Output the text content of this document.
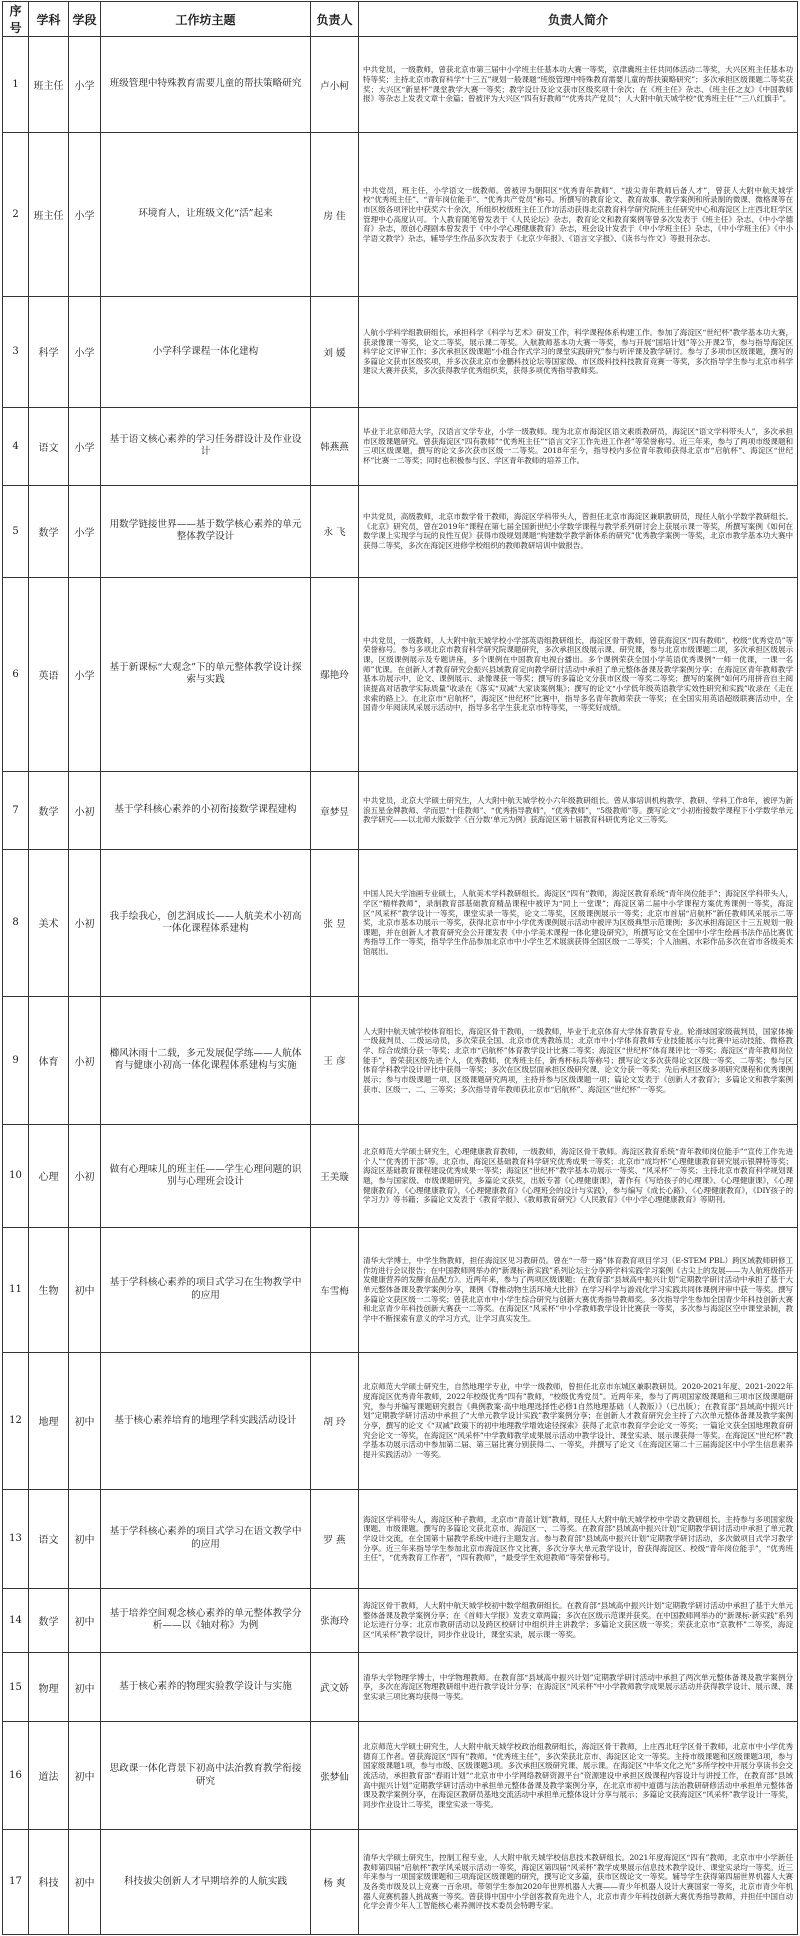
序号	学科	学段	工作坊主题	负责人	负责人简介
1	班主任	小学	班级管理中特殊教育需要儿童的帮扶策略研究	卢小柯	中共党员，一级教师，曾获北京市第三届中小学班主任基本功大赛一等奖，京津冀班主任共同体活动二等奖，大兴区班主任基本功特等奖；主持北京市教育科学“十三五”规划一般课题“班级管理中特殊教育需要儿童的帮扶策略研究”；多次承担区级课题二等奖获奖；大兴区“新星杯”课堂教学大赛一等奖；教学设计及论文获市区级奖项十余次；在《班主任》杂志、《班主任之友》《中国教师报》等杂志上发表文章十余篇；曾被评为大兴区“四有好教师”“优秀共产党员”；人大附中航天城学校“优秀班主任”“三八红旗手”。
2	班主任	小学	环境育人，让班级文化“活”起来	房 佳	中共党员，班主任，小学语文一级教师。曾被评为朝阳区“优秀青年教师”、“拔尖青年教师后备人才”，曾获人大附中航天城学校“优秀班主任”、“青年岗位能手”、“优秀共产党员”称号。所撰写的教育论文、教育故事、教学案例和所录制的微课、微格课等在市区级各项评比中获奖六十余次，所组织校级班主任工作坊活动获得北京教育科学研究院班主任研究中心和海淀区上庄西北旺学区管理中心高度认可。个人教育随笔曾发表于《人民论坛》杂志，教育论文和教育案例等曾多次发表于《班主任》杂志、《中小学德育》杂志，原创心理剧本曾发表于《中小学心理健康教育》杂志，班会设计发表于《中小学班主任》杂志，《中小学班主任》《中小学语文教学》杂志，辅导学生作品多次发表于《北京少年报》、《语言文字报》、《读书与作文》等报刊杂志。
3	科学	小学	小学科学课程一体化建构	刘 媛	人航小学科学组教研组长，承担科学《科学与艺术》研发工作，科学课程体系构建工作。参加了海淀区“世纪杯”教学基本功大赛，获录像课一等奖，论文二等奖，展示课二等奖。入航教师基本功大赛一等奖，参与开展“国培计划”等公开课2节，参与指导海淀区科学论文评审工作；多次承担区级课题“小组合作式学习的课堂实践研究”参与听评课及教学研讨。参与了多项市区级课题，撰写的多篇论文获市区级奖项，并多次获北京市金鹏科技论坛等国家级、市区级科技科技教育竞赛一等奖，多次指导学生参与北京市科学建议大赛并获奖，多次获得教学优秀组织奖，获得多项优秀指导教师奖。
4	语文	小学	基于语文核心素养的学习任务群设计及作业设计	韩燕燕	毕业于北京师范大学，汉语言文学专业，小学一级教师。现为北京市海淀区语文素质教研员，海淀区“语文学科带头人”，多次承担市区级课题研究。曾获海淀区“四有教师”“优秀班主任”“语言文字工作先进工作者”等荣誉称号。近三年来，参与了两项市级课题和三项区级课题，撰写的论文多次获市区级一二等奖。2018年至今，指导校内多位青年教师获得北京市“启航杯”、海淀区“世纪杯”比赛一二等奖；同时也积极参与区、学区青年教师的培养工作。
5	数学	小学	用数学链接世界——基于数学核心素养的单元整体教学设计	永 飞	中共党员，高级教师，北京市数学骨干教师，海淀区学科带头人，曾担任北京市海淀区兼职教研员，现任人航小学数学教研组长。《北京》研究员，曾在2019年“课程在第七届全国新世纪小学数学课程与教学系列研讨会上获展示课一等奖，所撰写案例《如何在数学课上实现学与玩的良性互促》获得市级规划课题“构建数学教学新体系的研究”优秀教学案例一等奖，北京市教学基本功大赛中获得二等奖，多次在海淀区进修学校组织的教师教研培训中做报告。
6	英语	小学	基于新课标“大观念”下的单元整体教学设计探索与实践	鄢艳玲	中共党员，一级教师，人大附中航天城学校小学部英语组教研组长，海淀区骨干教师，曾获海淀区“四有教师”，校级“优秀党员”等荣誉称号。参与多项北京市教育科学研究院课题研究，多次承担区级展示课、研究课，参与北京市级课题二项，多次承担区级展示课，区级课例展示及专题讲座，多个课例在中国教育电视台播出。多个课例荣获全国小学英语优秀课例“一师一优课，一课一名师”优课。在创新人才教育研究会振兴县域教育定向教学研讨活动中承担了单元整体备课及教学案例分享；在海淀区青年教师教学基本功展示中，论文、课例展示、录像课获一等奖；撰写的多篇论文分获市区级一等奖二等奖；撰写的案例“如何巧用拼音自主阅读提高对话教学实际质量”收录在《落实“双减”大家谈案例集》；撰写的论文“小学低年级英语教学实效性研究和实践”收录在《走在求索的路上》。在北京市“启航杯”，海淀区“世纪杯”比赛中，指导多名青年教师荣获一等奖；在全国实用英语超级联赛活动中，全国青少年阅读风采展示活动中，指导多名学生获北京市特等奖，一等奖好成绩。
7	数学	小初	基于学科核心素养的小初衔接数学课程建构	章梦昱	中共党员，北京大学硕士研究生，人大附中航天城学校小六年级教研组长。曾从事培训机构教学、教研、学科工作8年，被评为新浪五星金牌教师、学而思“十佳教师”、“优秀指导教师”，“优秀教师”，“5级教师”等。撰写论文“小初衔接数学课程下小学数学单元教学研究——以北师大版数学《百分数‘单元为例》获海淀区第十届教育科研优秀论文三等奖。
8	美术	小初	我手绘我心，创艺润成长——人航美术小初高一体化课程体系建构	张 昱	中国人民大学油画专业硕士，人航美术学科教研组长。海淀区“四有”教师，海淀区教育系统“青年岗位能手”；海淀区学科带头人，学区“精样教师”，录制教育部基础教育精品课程中被评为“同上一堂课”；海淀区第二届中小学课程方案优秀课例一等奖，海淀区“风采杯”教学设计一等奖，课堂实录一等奖，论文二等奖，区级课例展示一等奖；北京市首届“启航杯”新任教师风采展示二等奖，北京市基本功展示一等奖，获得北京市中小学优秀课例展示活动中被评为区级典型示范课例；多次承担海淀区十三五规划一般课题，并在创新人才教育研究会公开课发表《中小学美术课程一体化建设研究》，所撰写论文在全国中小学生绘画书法作品比赛优秀指导工作一等奖，指导学生作品参加北京市中小学生艺术展演获得全国区级一二等奖；个人油画、水彩作品多次在省市各级美术馆展出。
9	体育	小初	櫛风沐雨十二载，多元发展促学练——人航体育与健康小初高一体化课程体系建构与实施	王 彦	人大附中航天城学校体育组长，海淀区骨干教师，一级教师，毕业于北京体育大学体育教育专业。轮滑球国家级裁判员，国家体操一级裁判员、二级运动员，多次荣获全国、北京市优秀教练员；北京市中小学体育教师专业技能展示与比赛中运动技能、微格教学、综合成绩分获一等奖；北京市“启航杯”体育教学设计比赛二等奖；海淀区“世纪杯”体育课评比一等奖；海淀区“青年教师岗位能手”，曾荣获区级先进个人，优秀教师，优秀班主任，新秀杯标兵等称号；撰写论文多次获得论文区级一等奖、二等奖；参与区体育学科教学设计评比中获得一等奖；多次在区级层面承担区级研究课、论文分获一等奖；先后承担区级多项研究课程和优秀课例展示；参与市级课题一项、区级课题研究两项，主持并参与区级课题一项；篇论文发表于《创新人才教育》；多篇论文和教学案例获市、区级一、二、三等奖；多次指导青年教师获北京市“启航杯”、海淀区“世纪杯”一等奖。
10	心理	小初	做有心理味儿的班主任——学生心理问题的识别与心理班会设计	王美璇	北京师范大学硕士研究生，心理健康教育教师，一级教师，海淀区骨干教师。海淀区教育系统“青年教师岗位能手”“宣传工作先进个人”“优秀团干部”等。北京市、海淀区基础教育科学研究优秀成果一等奖；北京市“成均杯”心理健康教育研究展示银牌特等奖；海淀区基础教育课程建设优秀成果一等奖；海淀区“世纪杯”教学基本功展示一等奖、“风采杯”一等奖；主持北京市教育科学规划课题，参与国家级、市级课题研究，多篇论文获奖，出版专著《心理健康课》，著作有《写给孩子的心理课》、《心理健康课》，《心理健康教育》，《心理健康教育》，《心理健康教育》《心理班会的设计与实践》，参与编写《成长心路》、《心理健康教育》，《DIY孩子的学习力》等书籍；多篇论文发表于《教育学报》、《教师教育研究》《人民教育》《中小学心理健康教育》等期刊。
11	生物	初中	基于学科核心素养的项目式学习在生物教学中的应用	车雪梅	清华大学博士，中学生物教师，担任海淀区见习教研员。曾在“一带一路”体育教育项目学习（E-STEM PBL）跨区域教师研修工作坊进行会议报告；在中国教师网举办的“新课标·新实践”系列论坛主分享跨学科实践学习案例《古尖上的发展——为人航班级搭开发健康营养的发酵食品配方》。近两年来，参与了两项区级课题；在教育部“县域高中振兴计划”定期教学研讨活动中承担了基于大单元整体备课及教学案例分享，课例《脊椎动物生活环境大比拼》在学习科学与游戏化学习实践共同体课例评审中获一等奖。撰写多篇论文获区级一二等奖；曾获北京市中小学生综合研究与创新大赛优秀指导教师奖。多次指导学生参加全国青少年科技创新大赛和北京青少年科技创新大赛获一二等奖。在海淀区“风采杯”中小学教师教学设计比赛获一等奖，多次参与海淀区空中课堂录制，教学中不断探索有意义的学习方式，让学习真实发生。
12	地理	初中	基于核心素养培育的地理学科实践活动设计	胡 玲	北京师范大学硕士研究生，自然地理学专业，中学一级教师，曾担任北京市东城区兼职教研员。2020-2021年度、2021-2022年度海淀区优秀青年教师，2022年校级优秀“四有”教师，“校级优秀党员”。近两年来，参与了两项国家级课题和三项市区级课题研究，参与并编写课题研究报告《典例教案·高中地理选择性必修1自然地理基础（人教版）》（已出版）；在教育部“县域高中振兴计划”定期教学研讨活动中承担了“大单元教学设计实践”教学案例分享；在创新人才教育研究会主持了六次单元整体备课及教学案例分享，撰写的论文《“双减”政策下的初中地理教学增效途径探索》获得了北京市教育学会论文一等奖；一篇论文获全国地理教育研究会论文一等奖，在海淀区“风采杯”中学教师教学成果展示活动中教学设计、课堂实录、展示课获得一等奖。在海淀区“世纪杯”教学基本功展示活动中参加第二届、第三届比赛分别获得二、一等奖，并撰写了论文《在海淀区第二十三届海淀区中小学生信息素养提升实践活动》一等奖。
13	语文	初中	基于学科核心素养的项目式学习在语文教学中的应用	罗 燕	海淀区学科带头人，海淀区种子教师，北京市“青蓝计划”教师，现任人大附中航天城学校中学语文教研组长。主持参与多项国家级课题、市级课题。撰写的多篇论文获北京市、海淀区一、二等奖。在教育部“县域高中振兴计划”定期教学研讨活动中承担了单元教学设计交流，在全国第十届教学系统中进行主题发言。参与教育部“县域高中振兴计划”定期教学研讨活动，多次做项目式学习教学分享。近三年来指导学生参加北京市海淀区作文比赛，多次分享大单元教学设计，曾获得海淀区、校级“青年岗位能手”，“优秀班主任”，“优秀教育工作者”，“四有教师”，“最受学生欢迎教师”等荣誉称号。
14	数学	初中	基于培养空间观念核心素养的单元整体教学分析——以《轴对称》为例	张海玲	海淀区骨干教师，人大附中航天城学校初中数学组教研组长。在教育部“县域高中振兴计划”定期教学研讨活动中承担了基于大单元整体备课及教学案例分享；在《首师大学报》发表文章两篇；多次在区级示范课并获奖。在中国教师网举办的“新课标·新实践”系列论坛进行分享；北京市教研活动以及跨区校研讨中组织并主讲教学；多篇论文获区级一等奖；荣获北京市“京教杯”二等奖，海淀区“风采杯”教学设计，同步作业设计，课堂实录，展示课一等奖。
15	物理	初中	基于核心素养的物理实验教学设计与实施	武文娇	清华大学物理学博士，中学物理教师。在教育部“县域高中振兴计划”定期教学研讨活动中承担了两次单元整体备课及教学案例分享，多次在海淀区物理教研组中进行教学设计分享；在海淀区“风采杯”中小学教师教学成果展示活动并获得教学设计、展示课、课堂实录三项比赛均获得一等奖。
16	道法	初中	思政课一体化背景下初高中法治教育教学衔接研究	张梦仙	北京师范大学硕士研究生，人大附中航天城学校政治组教研组长，海淀区骨干教师，上庄西北旺学区骨干教师，北京市中小学优秀德育工作者。曾获海淀区“四有”教师。“优秀班主任”，多次荣获北京市、海淀区论文一等奖。主持市级课题和区级课题3项，参与国家级课题1项，参与市级、区级课题3项。多次承担区级研究课、展示课。在海淀区“中华文化之光”多所学校中开展分享读书会交流活动，承担教育部“春雨计划”“北京市中小学网络教研资源平台”资源建设中承担区级课程内容设计与讲授工作，在教育部“县域高中振兴计划”定期教学研讨活动中承担单元整体备课及教学案例分享，在北京市初中道德与法治教研研修活动中承担单元整体备课及教学案例分享，在海淀区教研员基地交流活动中承担单元整体设计分享与展示；多篇论文获海淀区“风采杯”教学设计一等奖，同步作业设计二等奖，课堂实录一等奖。
17	科技	初中	科技拔尖创新人才早期培养的人航实践	杨 爽	清华大学硕士研究生，控制工程专业，人大附中航天城学校信息技术教研组长。2021年度海淀区“四有”教师，北京市中小学新任教师第四届“启航杯”教学风采展示活动一等奖，海淀区第四届“风采杯”教学成果展示信息技术教学设计、课堂实录均一等奖。近三年来参与一项国家级课题和三项海淀区级课题的研究，撰写论文多篇，获市区级论文一等奖。辅导学生获得第四届世界机器人大赛及各类市级及以上竞赛一百余项。带领学生参加2020年世界机器人大赛——青少年机器人设计大赛国家一等奖，北京市青少年机器人竞赛机器人挑战赛一等奖。曾获得中国中小学创客教育先进个人，北京市青少年科技创新大赛优秀指导教师，并担任中国自动化学会青少年人工智能核心素养测评技术委员会特聘专家。
